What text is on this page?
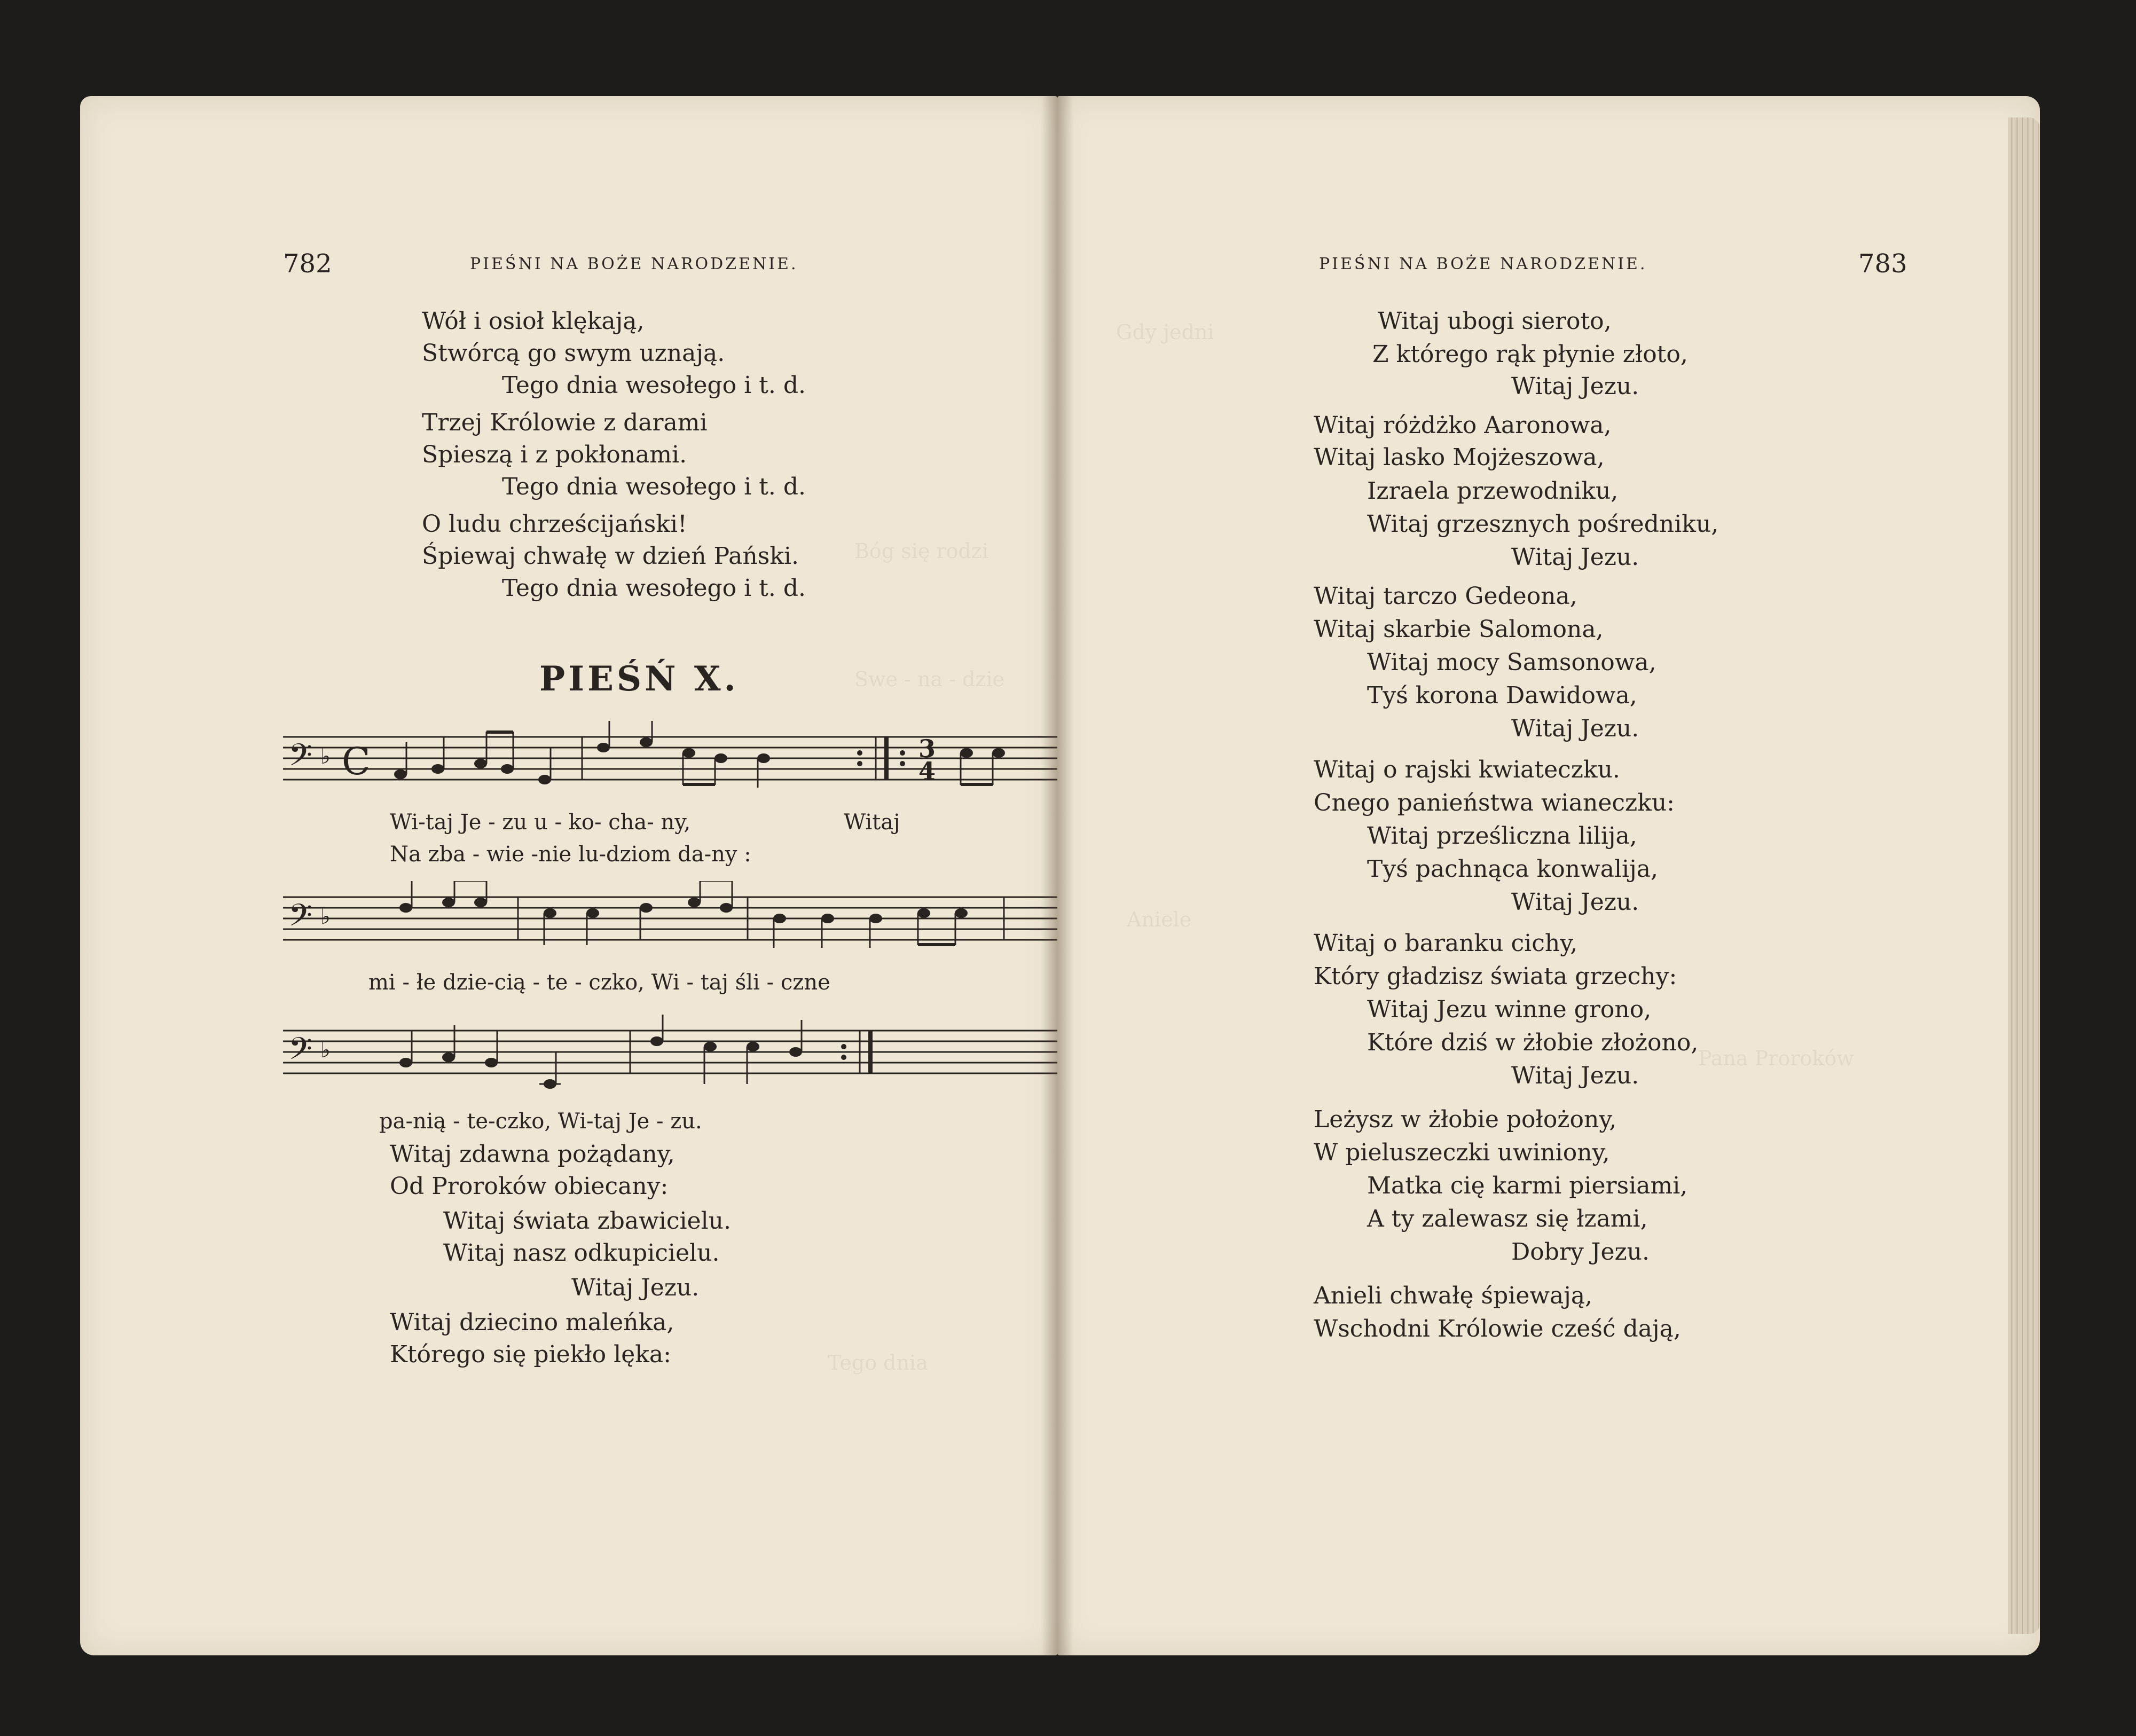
Bóg się rodzi
Swe - na - dzie
Tego dnia
782	PIEŚNI NA BOŻE NARODZENIE.
Wół i osioł klękają,
Stwórcą go swym uznają.
Tego dnia wesołego i t. d.
Trzej Królowie z darami
Spieszą i z pokłonami.
Tego dnia wesołego i t. d.
O ludu chrześcijański!
Śpiewaj chwałę w dzień Pański.
Tego dnia wesołego i t. d.
PIEŚŃ X.
𝄢 ♭ C	3
4
Wi-taj Je - zu u - ko- cha- ny,	Witaj
Na zba - wie -nie lu-dziom da-ny :
𝄢 ♭
mi - łe dzie-cią - te - czko, Wi - taj śli - czne
𝄢 ♭
pa-nią - te-czko, Wi-taj Je - zu.
Witaj zdawna pożądany,
Od Proroków obiecany:
Witaj świata zbawicielu.
Witaj nasz odkupicielu.
Witaj Jezu.
Witaj dziecino maleńka,
Którego się piekło lęka:
Gdy jedni
Aniele
Pana Proroków
PIEŚNI NA BOŻE NARODZENIE.	783
Witaj ubogi sieroto,
Z którego rąk płynie złoto,
Witaj Jezu.
Witaj różdżko Aaronowa,
Witaj lasko Mojżeszowa,
Izraela przewodniku,
Witaj grzesznych pośredniku,
Witaj Jezu.
Witaj tarczo Gedeona,
Witaj skarbie Salomona,
Witaj mocy Samsonowa,
Tyś korona Dawidowa,
Witaj Jezu.
Witaj o rajski kwiateczku.
Cnego panieństwa wianeczku:
Witaj prześliczna lilija,
Tyś pachnąca konwalija,
Witaj Jezu.
Witaj o baranku cichy,
Który gładzisz świata grzechy:
Witaj Jezu winne grono,
Które dziś w żłobie złożono,
Witaj Jezu.
Leżysz w żłobie położony,
W pieluszeczki uwiniony,
Matka cię karmi piersiami,
A ty zalewasz się łzami,
Dobry Jezu.
Anieli chwałę śpiewają,
Wschodni Królowie cześć dają,
